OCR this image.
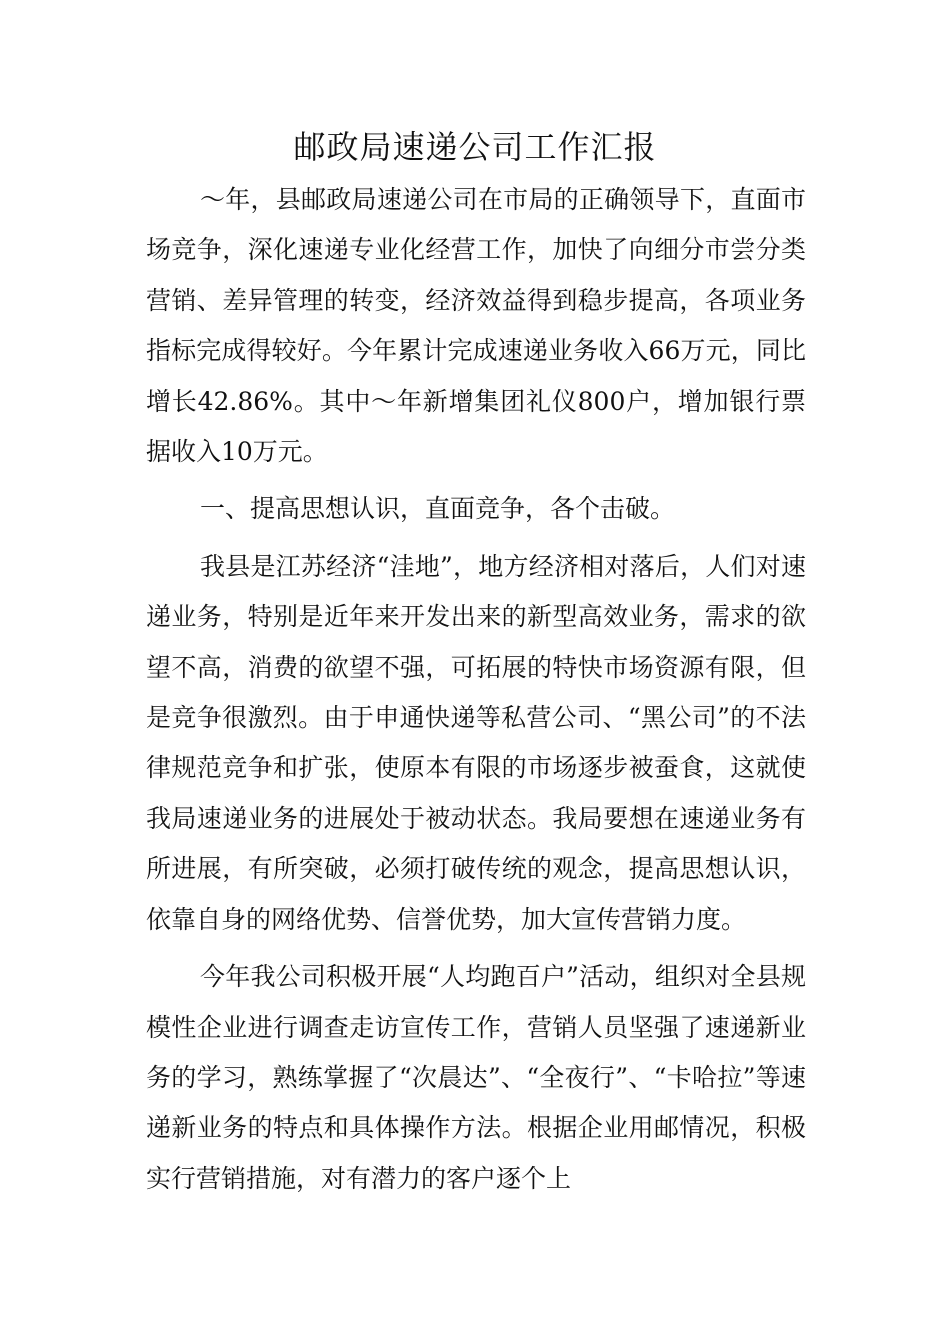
邮政局速递公司工作汇报

～年，县邮政局速递公司在市局的正确领导下，直面市场竞争，深化速递专业化经营工作，加快了向细分市尝分类营销、差异管理的转变，经济效益得到稳步提高，各项业务指标完成得较好。今年累计完成速递业务收入66万元，同比增长42.86%。其中～年新增集团礼仪800户，增加银行票据收入10万元。

一、提高思想认识，直面竞争，各个击破。

我县是江苏经济“洼地”，地方经济相对落后，人们对速递业务，特别是近年来开发出来的新型高效业务，需求的欲望不高，消费的欲望不强，可拓展的特快市场资源有限，但是竞争很激烈。由于申通快递等私营公司、“黑公司”的不法律规范竞争和扩张，使原本有限的市场逐步被蚕食，这就使我局速递业务的进展处于被动状态。我局要想在速递业务有所进展，有所突破，必须打破传统的观念，提高思想认识，依靠自身的网络优势、信誉优势，加大宣传营销力度。

今年我公司积极开展“人均跑百户”活动，组织对全县规模性企业进行调查走访宣传工作，营销人员坚强了速递新业务的学习，熟练掌握了“次晨达”、“全夜行”、“卡哈拉”等速递新业务的特点和具体操作方法。根据企业用邮情况，积极实行营销措施，对有潜力的客户逐个上
